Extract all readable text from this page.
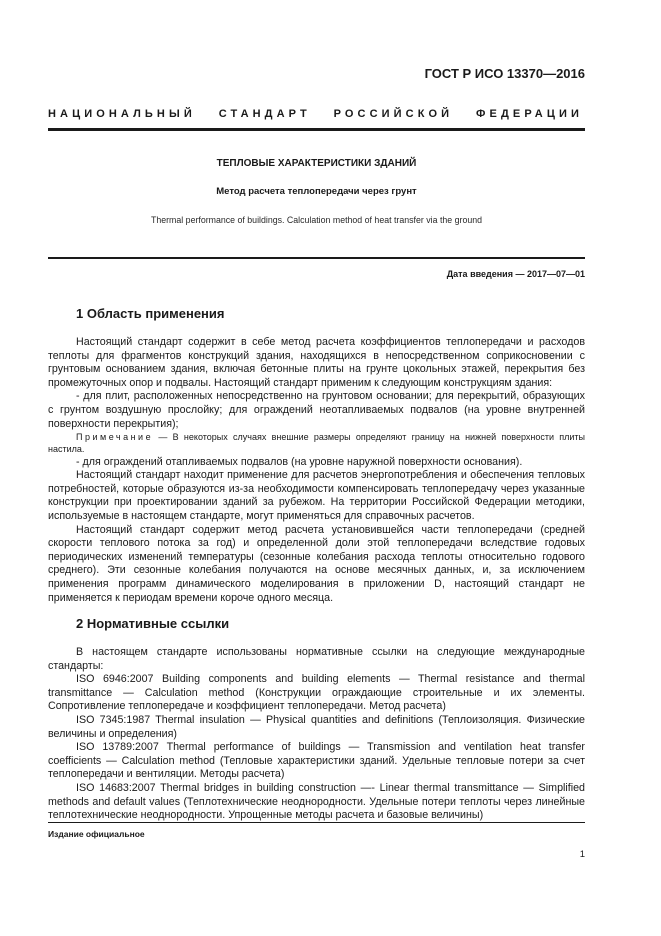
ГОСТ Р ИСО 13370—2016
НАЦИОНАЛЬНЫЙ СТАНДАРТ РОССИЙСКОЙ ФЕДЕРАЦИИ
ТЕПЛОВЫЕ ХАРАКТЕРИСТИКИ ЗДАНИЙ
Метод расчета теплопередачи через грунт
Thermal performance of buildings. Calculation method of heat transfer via the ground
Дата введения — 2017—07—01
1 Область применения

Настоящий стандарт содержит в себе метод расчета коэффициентов теплопередачи и расходов теплоты для фрагментов конструкций здания, находящихся в непосредственном соприкосновении с грунтовым основанием здания, включая бетонные плиты на грунте цокольных этажей, перекрытия без промежуточных опор и подвалы. Настоящий стандарт применим к следующим конструкциям здания:

- для плит, расположенных непосредственно на грунтовом основании; для перекрытий, образующих с грунтом воздушную прослойку; для ограждений неотапливаемых подвалов (на уровне внутренней поверхности перекрытия);

Примечание — В некоторых случаях внешние размеры определяют границу на нижней поверхности плиты настила.

- для ограждений отапливаемых подвалов (на уровне наружной поверхности основания).

Настоящий стандарт находит применение для расчетов энергопотребления и обеспечения тепловых потребностей, которые образуются из-за необходимости компенсировать теплопередачу через указанные конструкции при проектировании зданий за рубежом. На территории Российской Федерации методики, используемые в настоящем стандарте, могут применяться для справочных расчетов.

Настоящий стандарт содержит метод расчета установившейся части теплопередачи (средней скорости теплового потока за год) и определенной доли этой теплопередачи вследствие годовых периодических изменений температуры (сезонные колебания расхода теплоты относительно годового среднего). Эти сезонные колебания получаются на основе месячных данных, и, за исключением применения программ динамического моделирования в приложении D, настоящий стандарт не применяется к периодам времени короче одного месяца.

2 Нормативные ссылки

В настоящем стандарте использованы нормативные ссылки на следующие международные стандарты:

ISO 6946:2007 Building components and building elements — Thermal resistance and thermal transmittance — Calculation method (Конструкции ограждающие строительные и их элементы. Сопротивление теплопередаче и коэффициент теплопередачи. Метод расчета)

ISO 7345:1987 Thermal insulation — Physical quantities and definitions (Теплоизоляция. Физические величины и определения)

ISO 13789:2007 Thermal performance of buildings — Transmission and ventilation heat transfer coefficients — Calculation method (Тепловые характеристики зданий. Удельные тепловые потери за счет теплопередачи и вентиляции. Методы расчета)

ISO 14683:2007 Thermal bridges in building construction —- Linear thermal transmittance — Simplified methods and default values (Теплотехнические неоднородности. Удельные потери теплоты через линейные теплотехнические неоднородности. Упрощенные методы расчета и базовые величины)

Издание официальное
1
